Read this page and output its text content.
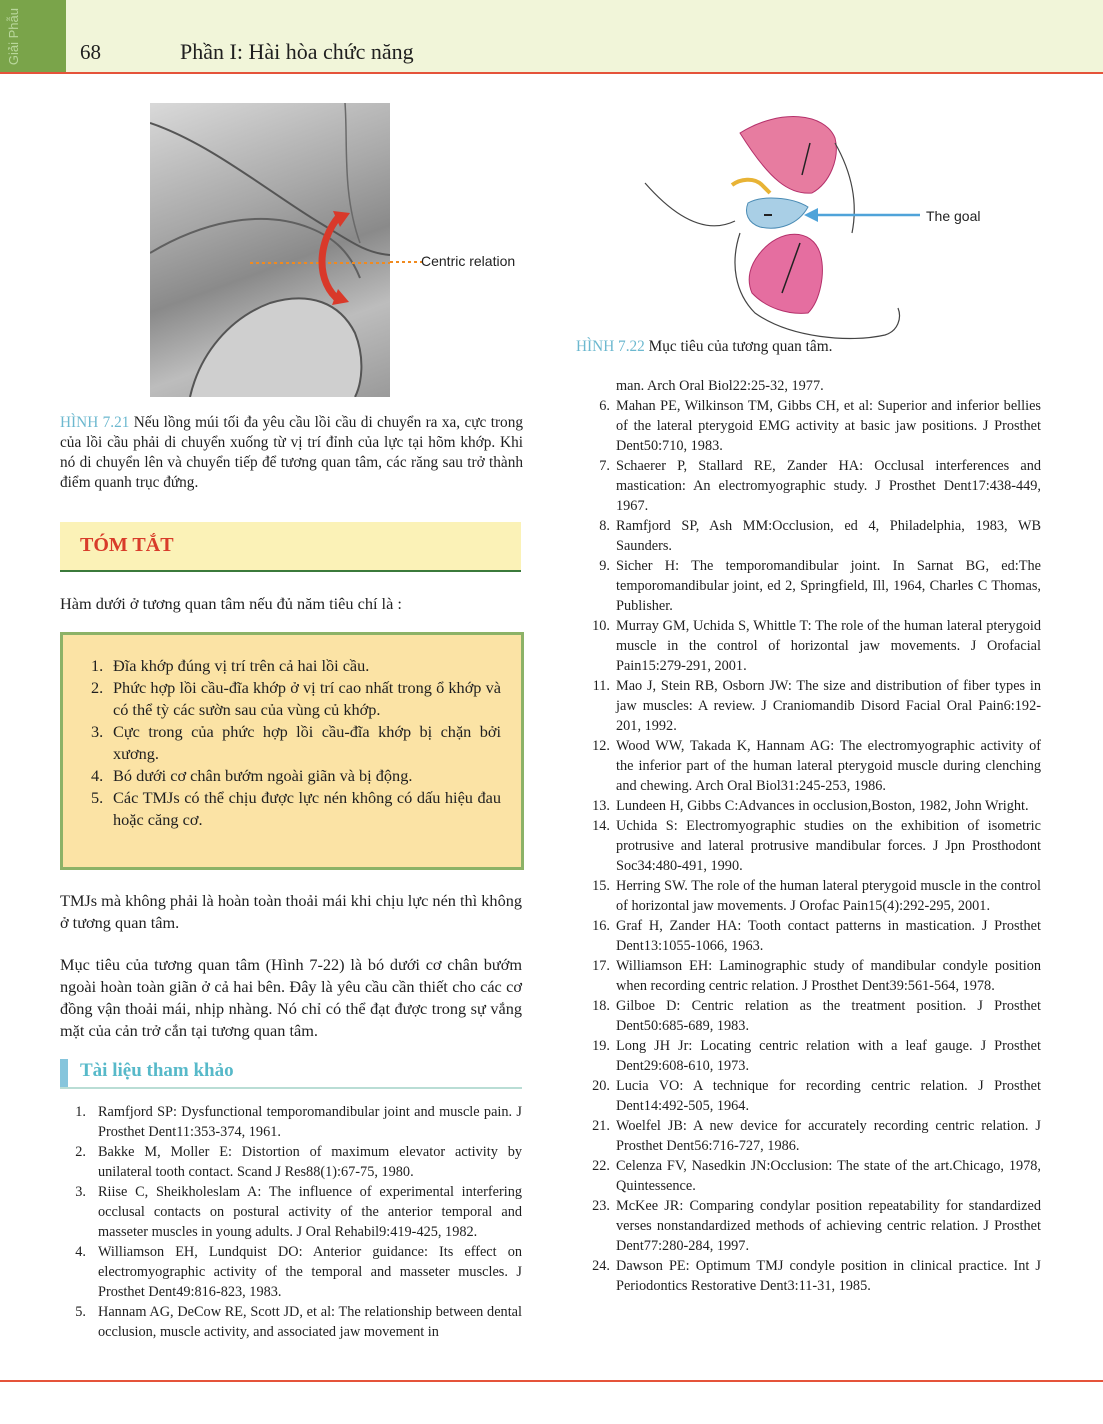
Giải Phẫu	68	Phần I: Hài hòa chức năng
Centric relation
HÌNH 7.21 Nếu lồng múi tối đa yêu cầu lồi cầu di chuyển ra xa, cực trong của lồi cầu phải di chuyển xuống từ vị trí đỉnh của lực tại hõm khớp. Khi nó di chuyển lên và chuyển tiếp để tương quan tâm, các răng sau trở thành điểm quanh trục đứng.
The goal
HÌNH 7.22 Mục tiêu của tương quan tâm.
TÓM TẮT
Hàm dưới ở tương quan tâm nếu đủ năm tiêu chí là :
1. Đĩa khớp đúng vị trí trên cả hai lồi cầu.
2. Phức hợp lồi cầu-đĩa khớp ở vị trí cao nhất trong ổ khớp và có thể tỳ các sườn sau của vùng củ khớp.
3. Cực trong của phức hợp lồi cầu-đĩa khớp bị chặn bởi xương.
4. Bó dưới cơ chân bướm ngoài giãn và bị động.
5. Các TMJs có thể chịu được lực nén không có dấu hiệu đau hoặc căng cơ.
TMJs mà không phải là hoàn toàn thoải mái khi chịu lực nén thì không ở tương quan tâm.
Mục tiêu của tương quan tâm (Hình 7-22) là bó dưới cơ chân bướm ngoài hoàn toàn giãn ở cả hai bên. Đây là yêu cầu cần thiết cho các cơ đồng vận thoải mái, nhịp nhàng. Nó chỉ có thể đạt được trong sự vắng mặt của cản trở cắn tại tương quan tâm.
Tài liệu tham khảo
1. Ramfjord SP: Dysfunctional temporomandibular joint and muscle pain. J Prosthet Dent11:353-374, 1961.
2. Bakke M, Moller E: Distortion of maximum elevator activity by unilateral tooth contact. Scand J Res88(1):67-75, 1980.
3. Riise C, Sheikholeslam A: The influence of experimental interfering occlusal contacts on postural activity of the anterior temporal and masseter muscles in young adults. J Oral Rehabil9:419-425, 1982.
4. Williamson EH, Lundquist DO: Anterior guidance: Its effect on electromyographic activity of the temporal and masseter muscles. J Prosthet Dent49:816-823, 1983.
5. Hannam AG, DeCow RE, Scott JD, et al: The relationship between dental occlusion, muscle activity, and associated jaw movement in
man. Arch Oral Biol22:25-32, 1977.
6. Mahan PE, Wilkinson TM, Gibbs CH, et al: Superior and inferior bellies of the lateral pterygoid EMG activity at basic jaw positions. J Prosthet Dent50:710, 1983.
7. Schaerer P, Stallard RE, Zander HA: Occlusal interferences and mastication: An electromyographic study. J Prosthet Dent17:438-449, 1967.
8. Ramfjord SP, Ash MM:Occlusion, ed 4, Philadelphia, 1983, WB Saunders.
9. Sicher H: The temporomandibular joint. In Sarnat BG, ed:The temporomandibular joint, ed 2, Springfield, Ill, 1964, Charles C Thomas, Publisher.
10. Murray GM, Uchida S, Whittle T: The role of the human lateral pterygoid muscle in the control of horizontal jaw movements. J Orofacial Pain15:279-291, 2001.
11. Mao J, Stein RB, Osborn JW: The size and distribution of fiber types in jaw muscles: A review. J Craniomandib Disord Facial Oral Pain6:192-201, 1992.
12. Wood WW, Takada K, Hannam AG: The electromyographic activity of the inferior part of the human lateral pterygoid muscle during clenching and chewing. Arch Oral Biol31:245-253, 1986.
13. Lundeen H, Gibbs C:Advances in occlusion,Boston, 1982, John Wright.
14. Uchida S: Electromyographic studies on the exhibition of isometric protrusive and lateral protrusive mandibular forces. J Jpn Prosthodont Soc34:480-491, 1990.
15. Herring SW. The role of the human lateral pterygoid muscle in the control of horizontal jaw movements. J Orofac Pain15(4):292-295, 2001.
16. Graf H, Zander HA: Tooth contact patterns in mastication. J Prosthet Dent13:1055-1066, 1963.
17. Williamson EH: Laminographic study of mandibular condyle position when recording centric relation. J Prosthet Dent39:561-564, 1978.
18. Gilboe D: Centric relation as the treatment position. J Prosthet Dent50:685-689, 1983.
19. Long JH Jr: Locating centric relation with a leaf gauge. J Prosthet Dent29:608-610, 1973.
20. Lucia VO: A technique for recording centric relation. J Prosthet Dent14:492-505, 1964.
21. Woelfel JB: A new device for accurately recording centric relation. J Prosthet Dent56:716-727, 1986.
22. Celenza FV, Nasedkin JN:Occlusion: The state of the art.Chicago, 1978, Quintessence.
23. McKee JR: Comparing condylar position repeatability for standardized verses nonstandardized methods of achieving centric relation. J Prosthet Dent77:280-284, 1997.
24. Dawson PE: Optimum TMJ condyle position in clinical practice. Int J Periodontics Restorative Dent3:11-31, 1985.
